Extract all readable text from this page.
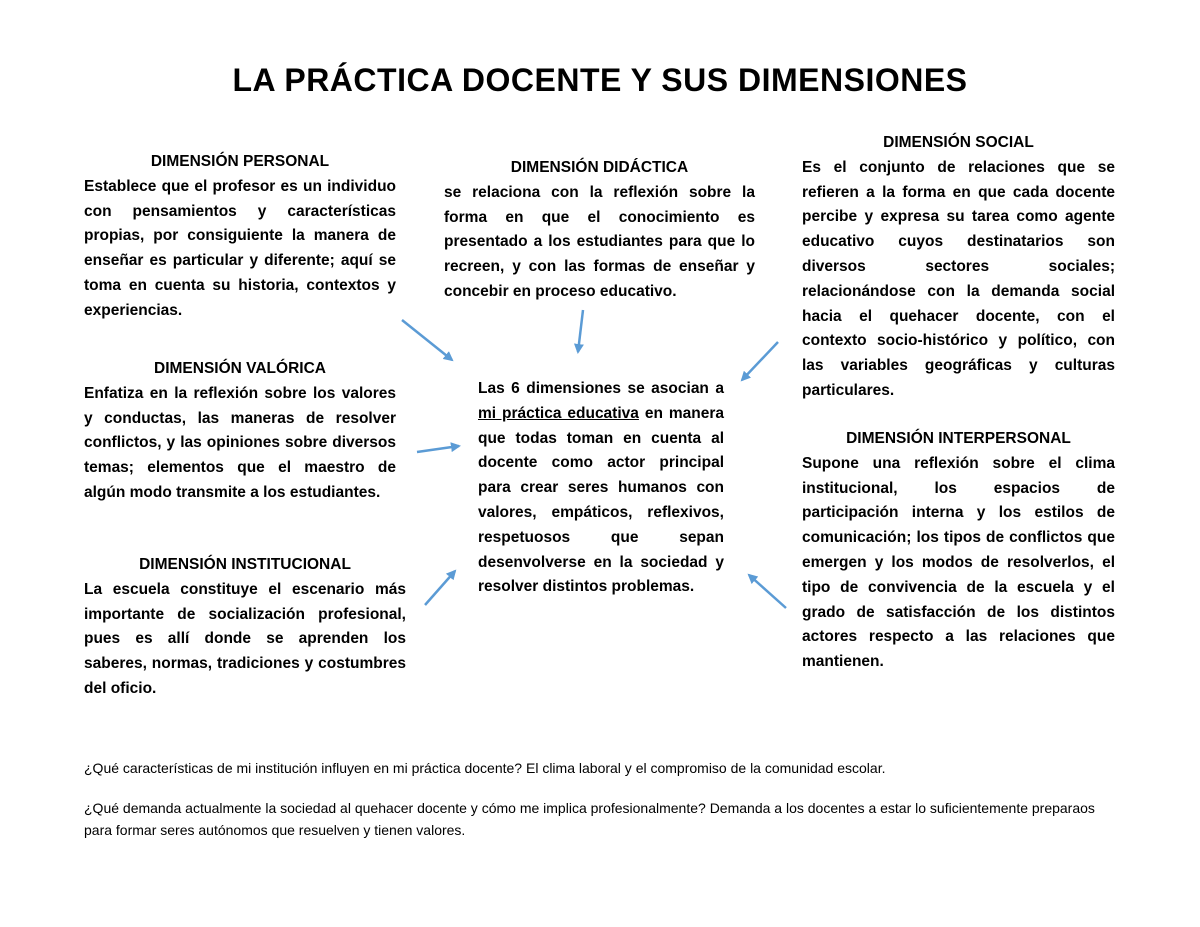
LA PRÁCTICA DOCENTE Y SUS DIMENSIONES
DIMENSIÓN PERSONAL
Establece que el profesor es un individuo con pensamientos y características propias, por consiguiente la manera de enseñar es particular y diferente; aquí se toma en cuenta su historia, contextos y experiencias.
DIMENSIÓN DIDÁCTICA
se relaciona con la reflexión sobre la forma en que el conocimiento es presentado a los estudiantes para que lo recreen, y con las formas de enseñar y concebir en proceso educativo.
DIMENSIÓN SOCIAL
Es el conjunto de relaciones que se refieren a la forma en que cada docente percibe y expresa su tarea como agente educativo cuyos destinatarios son diversos sectores sociales; relacionándose con la demanda social hacia el quehacer docente, con el contexto socio-histórico y político, con las variables geográficas y culturas particulares.
DIMENSIÓN VALÓRICA
Enfatiza en la reflexión sobre los valores y conductas, las maneras de resolver conflictos, y las opiniones sobre diversos temas; elementos que el maestro de algún modo transmite a los estudiantes.
Las 6 dimensiones se asocian a mi práctica educativa en manera que todas toman en cuenta al docente como actor principal para crear seres humanos con valores, empáticos, reflexivos, respetuosos que sepan desenvolverse en la sociedad y resolver distintos problemas.
DIMENSIÓN INTERPERSONAL
Supone una reflexión sobre el clima institucional, los espacios de participación interna y los estilos de comunicación; los tipos de conflictos que emergen y los modos de resolverlos, el tipo de convivencia de la escuela y el grado de satisfacción de los distintos actores respecto a las relaciones que mantienen.
DIMENSIÓN INSTITUCIONAL
La escuela constituye el escenario más importante de socialización profesional, pues es allí donde se aprenden los saberes, normas, tradiciones y costumbres del oficio.
¿Qué características de mi institución influyen en mi práctica docente? El clima laboral y el compromiso de la comunidad escolar.
¿Qué demanda actualmente la sociedad al quehacer docente y cómo me implica profesionalmente? Demanda a los docentes a estar lo suficientemente preparaos para formar seres autónomos que resuelven y tienen valores.
